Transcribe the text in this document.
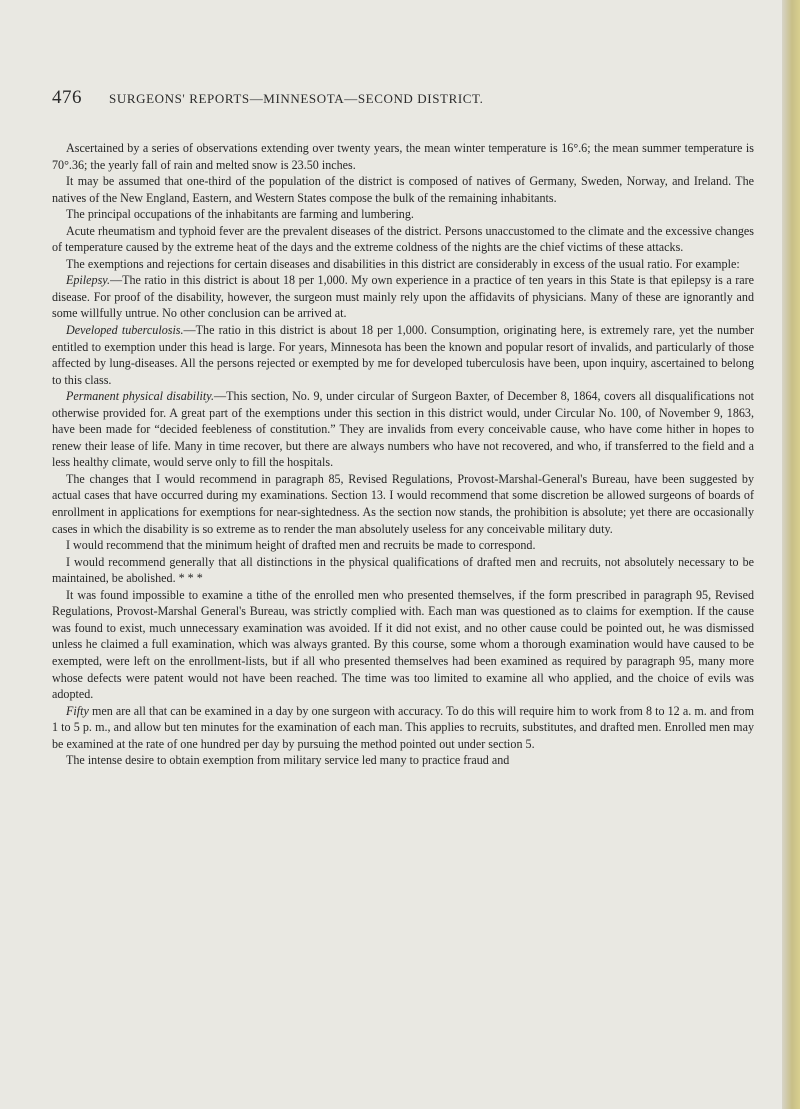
476 SURGEONS' REPORTS—MINNESOTA—SECOND DISTRICT.

Ascertained by a series of observations extending over twenty years, the mean winter temperature is 16°.6; the mean summer temperature is 70°.36; the yearly fall of rain and melted snow is 23.50 inches.

It may be assumed that one-third of the population of the district is composed of natives of Germany, Sweden, Norway, and Ireland. The natives of the New England, Eastern, and Western States compose the bulk of the remaining inhabitants.

The principal occupations of the inhabitants are farming and lumbering.

Acute rheumatism and typhoid fever are the prevalent diseases of the district. Persons unaccustomed to the climate and the excessive changes of temperature caused by the extreme heat of the days and the extreme coldness of the nights are the chief victims of these attacks.

The exemptions and rejections for certain diseases and disabilities in this district are considerably in excess of the usual ratio. For example:

Epilepsy.—The ratio in this district is about 18 per 1,000. My own experience in a practice of ten years in this State is that epilepsy is a rare disease. For proof of the disability, however, the surgeon must mainly rely upon the affidavits of physicians. Many of these are ignorantly and some willfully untrue. No other conclusion can be arrived at.

Developed tuberculosis.—The ratio in this district is about 18 per 1,000. Consumption, originating here, is extremely rare, yet the number entitled to exemption under this head is large. For years, Minnesota has been the known and popular resort of invalids, and particularly of those affected by lung-diseases. All the persons rejected or exempted by me for developed tuberculosis have been, upon inquiry, ascertained to belong to this class.

Permanent physical disability.—This section, No. 9, under circular of Surgeon Baxter, of December 8, 1864, covers all disqualifications not otherwise provided for. A great part of the exemptions under this section in this district would, under Circular No. 100, of November 9, 1863, have been made for “decided feebleness of constitution.” They are invalids from every conceivable cause, who have come hither in hopes to renew their lease of life. Many in time recover, but there are always numbers who have not recovered, and who, if transferred to the field and a less healthy climate, would serve only to fill the hospitals.

The changes that I would recommend in paragraph 85, Revised Regulations, Provost-Marshal-General's Bureau, have been suggested by actual cases that have occurred during my examinations. Section 13. I would recommend that some discretion be allowed surgeons of boards of enrollment in applications for exemptions for near-sightedness. As the section now stands, the prohibition is absolute; yet there are occasionally cases in which the disability is so extreme as to render the man absolutely useless for any conceivable military duty.

I would recommend that the minimum height of drafted men and recruits be made to correspond.

I would recommend generally that all distinctions in the physical qualifications of drafted men and recruits, not absolutely necessary to be maintained, be abolished. * * *

It was found impossible to examine a tithe of the enrolled men who presented themselves, if the form prescribed in paragraph 95, Revised Regulations, Provost-Marshal General's Bureau, was strictly complied with. Each man was questioned as to claims for exemption. If the cause was found to exist, much unnecessary examination was avoided. If it did not exist, and no other cause could be pointed out, he was dismissed unless he claimed a full examination, which was always granted. By this course, some whom a thorough examination would have caused to be exempted, were left on the enrollment-lists, but if all who presented themselves had been examined as required by paragraph 95, many more whose defects were patent would not have been reached. The time was too limited to examine all who applied, and the choice of evils was adopted.

Fifty men are all that can be examined in a day by one surgeon with accuracy. To do this will require him to work from 8 to 12 a. m. and from 1 to 5 p. m., and allow but ten minutes for the examination of each man. This applies to recruits, substitutes, and drafted men. Enrolled men may be examined at the rate of one hundred per day by pursuing the method pointed out under section 5.

The intense desire to obtain exemption from military service led many to practice fraud and
